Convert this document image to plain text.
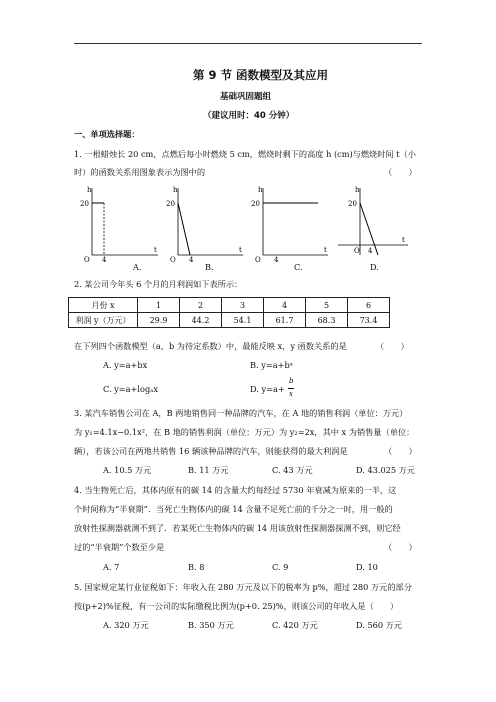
第 9 节 函数模型及其应用
基础巩固题组
（建议用时：40 分钟）
一、单项选择题：
1. 一根蜡烛长 20 cm，点燃后每小时燃烧 5 cm，燃烧时剩下的高度 h (cm)与燃烧时间 t（小
时）的函数关系用图象表示为图中的	（　　）
h
t
20
O 4
h
t
20
O 4
h
t
20
O 4
h
t
20
O 4
A.	B.	C.	D.
2. 某公司今年头 6 个月的月利润如下表所示：
月份 x	1	2	3	4	5	6
利润 y（万元）	29.9	44.2	54.1	61.7	68.3	73.4
在下列四个函数模型（a，b 为待定系数）中，最能反映 x，y 函数关系的是	（　　）
A. y=a+bx	B. y=a+bˣ
C. y=a+logₐx	D. y=a+
b
x
3. 某汽车销售公司在 A，B 两地销售同一种品牌的汽车，在 A 地的销售利润（单位：万元）
为 y₁=4.1x−0.1x²，在 B 地的销售利润（单位：万元）为 y₂=2x，其中 x 为销售量（单位：
辆），若该公司在两地共销售 16 辆该种品牌的汽车，则能获得的最大利润是	（　　）
A. 10.5 万元	B. 11 万元	C. 43 万元	D. 43.025 万元
4. 当生物死亡后，其体内原有的碳 14 的含量大约每经过 5730 年衰减为原来的一半，这
个时间称为“半衰期”．当死亡生物体内的碳 14 含量不足死亡前的千分之一时，用一般的
放射性探测器就测不到了．若某死亡生物体内的碳 14 用该放射性探测器探测不到，则它经
过的“半衰期”个数至少是	（　　）
A. 7	B. 8	C. 9	D. 10
5. 国家规定某行业征税如下：年收入在 280 万元及以下的税率为 p%，超过 280 万元的部分
按(p+2)%征税，有一公司的实际缴税比例为(p+0. 25)%，则该公司的年收入是（　　）
A. 320 万元	B. 350 万元	C. 420 万元	D. 560 万元
